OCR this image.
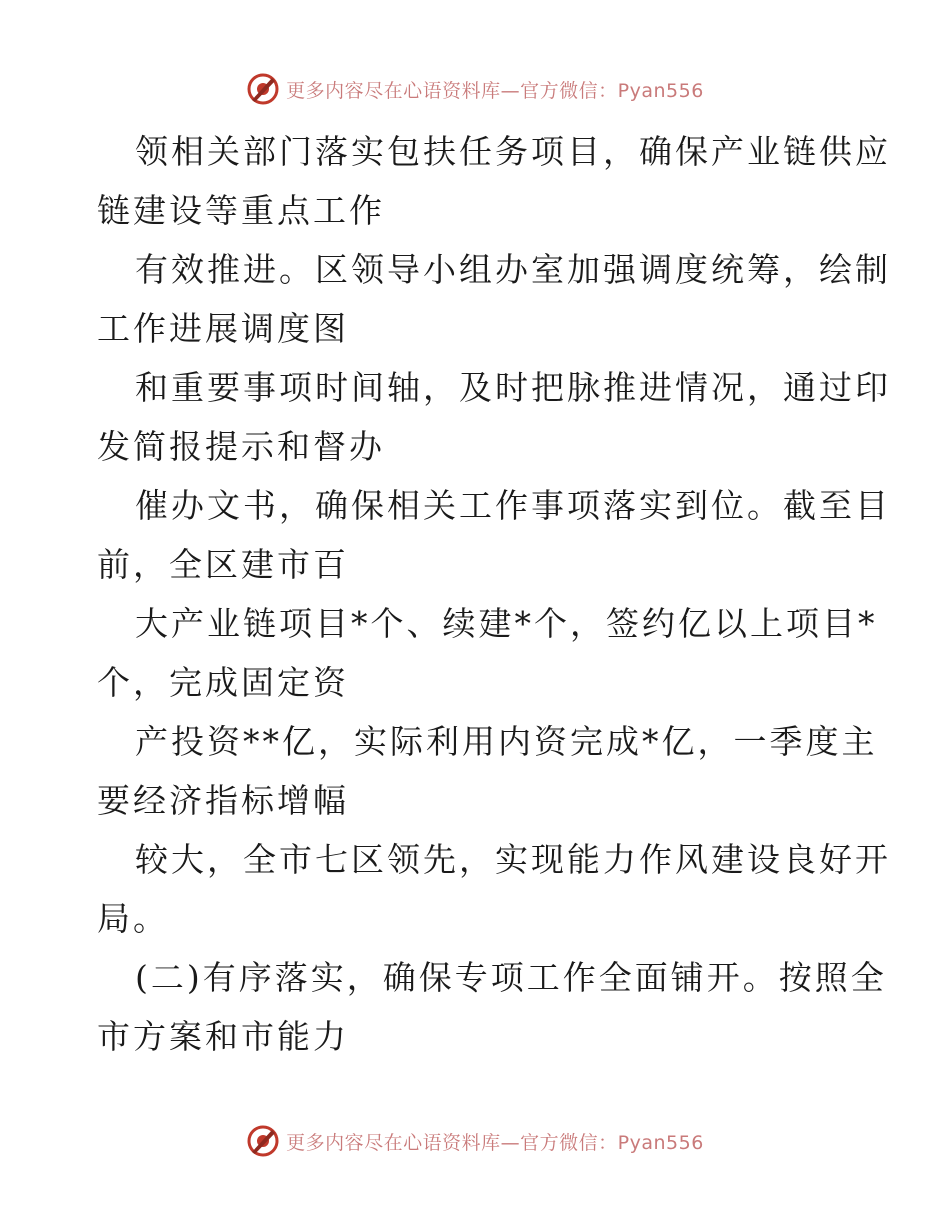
更多内容尽在心语资料库—官方微信：Pyan556

领相关部门落实包扶任务项目，确保产业链供应
链建设等重点工作

有效推进。区领导小组办室加强调度统筹，绘制
工作进展调度图

和重要事项时间轴，及时把脉推进情况，通过印
发简报提示和督办

催办文书，确保相关工作事项落实到位。截至目
前，全区建市百

大产业链项目*个、续建*个，签约亿以上项目*
个，完成固定资

产投资**亿，实际利用内资完成*亿，一季度主
要经济指标增幅

较大，全市七区领先，实现能力作风建设良好开
局。

(二)有序落实，确保专项工作全面铺开。按照全
市方案和市能力

更多内容尽在心语资料库—官方微信：Pyan556
